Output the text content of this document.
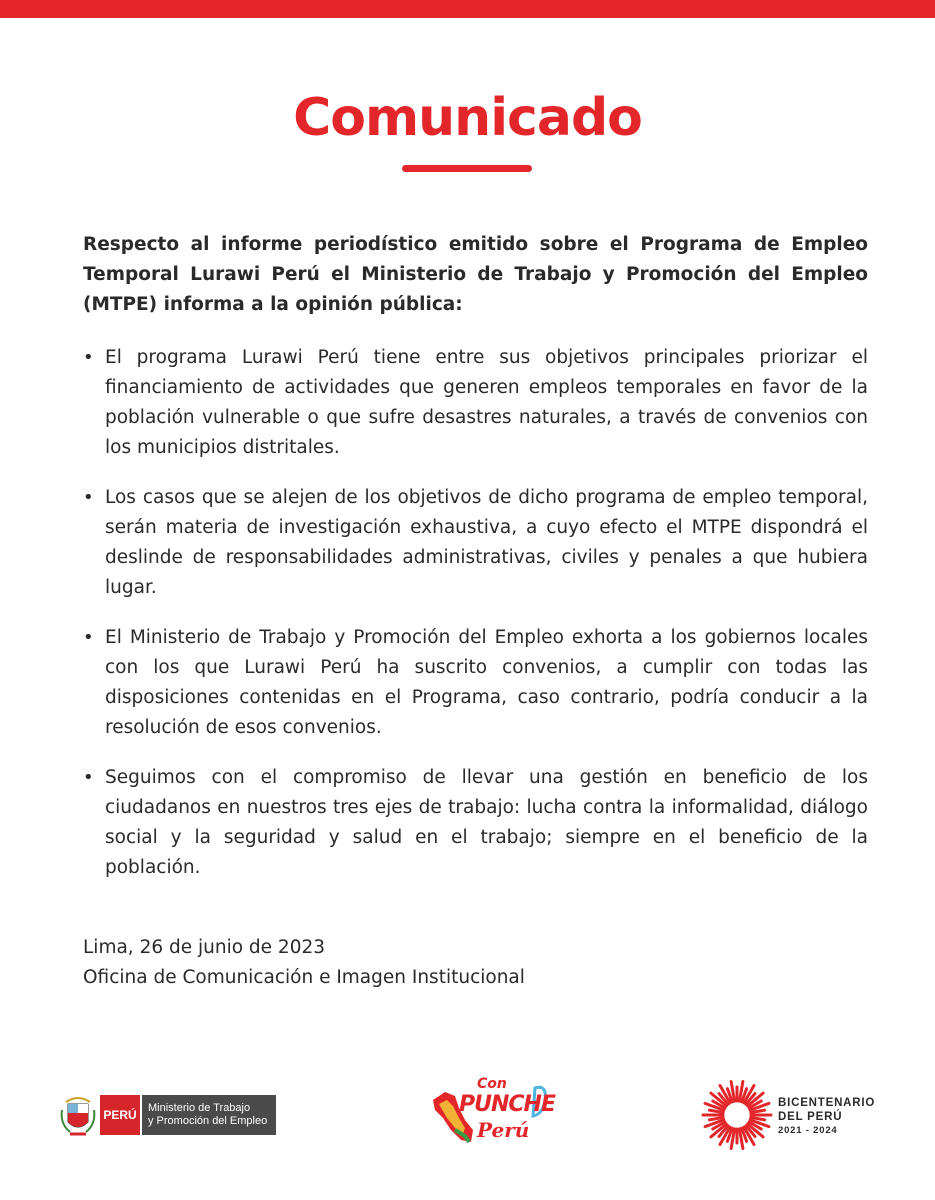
Comunicado

Respecto al informe periodístico emitido sobre el Programa de Empleo Temporal Lurawi Perú el Ministerio de Trabajo y Promoción del Empleo (MTPE) informa a la opinión pública:

• El programa Lurawi Perú tiene entre sus objetivos principales priorizar el financiamiento de actividades que generen empleos temporales en favor de la población vulnerable o que sufre desastres naturales, a través de convenios con los municipios distritales.
• Los casos que se alejen de los objetivos de dicho programa de empleo temporal, serán materia de investigación exhaustiva, a cuyo efecto el MTPE dispondrá el deslinde de responsabilidades administrativas, civiles y penales a que hubiera lugar.
• El Ministerio de Trabajo y Promoción del Empleo exhorta a los gobiernos locales con los que Lurawi Perú ha suscrito convenios, a cumplir con todas las disposiciones contenidas en el Programa, caso contrario, podría conducir a la resolución de esos convenios.
• Seguimos con el compromiso de llevar una gestión en beneficio de los ciudadanos en nuestros tres ejes de trabajo: lucha contra la informalidad, diálogo social y la seguridad y salud en el trabajo; siempre en el beneficio de la población.
Lima, 26 de junio de 2023
Oficina de Comunicación e Imagen Institucional
PERÚ	Ministerio de Trabajo
y Promoción del Empleo
Con
PUNCHE
Perú
BICENTENARIO
DEL PERÚ
2021 - 2024
